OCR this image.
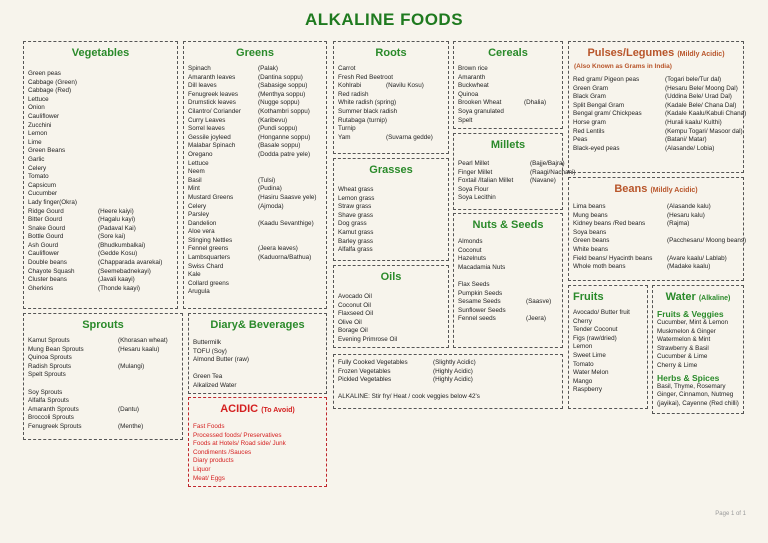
ALKALINE FOODS
Vegetables
Green peas
Cabbage (Green)
Cabbage (Red)
Lettuce
Onion
Cauliflower
Zucchini
Lemon
Lime
Green Beans
Garlic
Celery
Tomato
Capsicum
Cucumber
Lady finger(Okra)
Ridge Gourd	(Heere kaiyi)
Bitter Gourd	(Hagalu kayi)
Snake Gourd	(Padaval Kai)
Bottle Gourd	(Sore kai)
Ash Gourd	(Bhudkumbalkai)
Cauliflower	(Gedde Kosu)
Double beans	(Chapparada avarekai)
Chayote Squash	(Seemebadnekayi)
Cluster beans	(Javali kaayi)
Gherkins	(Thonde kaayi)
Greens
Spinach	(Palak)
Amaranth leaves	(Dantina soppu)
Dill leaves	(Sabasige soppu)
Fenugreek leaves	(Menthya soppu)
Drumstick leaves	(Nugge soppu)
Cilantro/ Coriander	(Kothambri soppu)
Curry Leaves	(Karibevu)
Sorrel leaves	(Pundi soppu)
Gessile joyleed	(Honganne soppu)
Malabar Spinach	(Basale soppu)
Oregano	(Dodda patre yele)
Lettuce
Neem
Basil	(Tulsi)
Mint	(Pudina)
Mustard Greens	(Hasiru Saasve yele)
Celery	(Ajmoda)
Parsley
Dandelion	(Kaadu Sevanthige)
Aloe vera
Stinging Nettles
Fennel greens	(Jeera leaves)
Lambsquarters	(Kaduorna/Bathua)
Swiss Chard
Kale
Collard greens
Arugula
Roots
Carrot
Fresh Red Beetroot
Kohlrabi	(Navilu Kosu)
Red radish
White radish (spring)
Summer black radish
Rutabaga (turnip)
Turnip
Yam	(Suvarna gedde)
Grasses
Wheat grass
Lemon grass
Straw grass
Shave grass
Dog grass
Kamut grass
Barley grass
Alfalfa grass
Oils
Avocado Oil
Coconut Oil
Flaxseed Oil
Olive Oil
Borage Oil
Evening Primrose Oil
Cereals
Brown rice
Amaranth
Buckwheat
Quinoa
Brooken Wheat	(Dhalia)
Soya granulated
Spelt
Millets
Pearl Millet	(Bajje/Bajra)
Finger Millet	(Raagi/Nachani)
Foxtail /Italian Millet	(Navane)
Soya Flour
Soya Lecithin
Nuts & Seeds
Almonds
Coconut
Hazelnuts
Macadamia Nuts

Flax Seeds
Pumpkin Seeds
Sesame Seeds	(Saasve)
Sunflower Seeds
Fennel seeds	(Jeera)
Pulses/Legumes (Mildly Acidic)
(Also Known as Grams in India)
Red gram/ Pigeon peas	(Togari bele/Tur dal)
Green Gram	(Hesaru Bele/ Moong Dal)
Black Gram	(Uddina Bele/ Urad Dal)
Split Bengal Gram	(Kadale Bele/ Chana Dal)
Bengal gram/ Chickpeas	(Kadale Kaalu/Kabuli Chana)
Horse gram	(Hurali kaalu/ Kulthi)
Red Lentils	(Kempu Togari/ Masoor dal)
Peas	(Batani/ Matar)
Black-eyed peas	(Alasande/ Lobia)
Beans (Mildly Acidic)
Lima beans	(Alasande kalu)
Mung beans	(Hesaru kalu)
Kidney beans /Red beans	(Rajma)
Soya beans
Green beans	(Pacchesaru/ Moong beans)
White beans
Field beans/ Hyacinth beans	(Avare kaalu/ Lablab)
Whole moth beans	(Madake kaalu)
Sprouts
Kamut Sprouts	(Khorasan wheat)
Mung Bean Sprouts	(Hesaru kaalu)
Quinoa Sprouts
Radish Sprouts	(Mulangi)
Spelt Sprouts

Soy Sprouts
Alfalfa Sprouts
Amaranth Sprouts	(Dantu)
Broccoli Sprouts
Fenugreek Sprouts	(Menthe)
Diary& Beverages
Buttermilk
TOFU (Soy)
Almond Butter (raw)

Green Tea
Alkalized Water
ACIDIC (To Avoid)
Fast Foods
Processed foods/ Preservatives
Foods at Hotels/ Road side/ Junk
Condiments /Sauces
Diary products
Liquor
Meat/ Eggs
Fully Cooked Vegetables	(Slightly Acidic)
Frozen Vegetables	(Highly Acidic)
Pickled Vegetables	(Highly Acidic)
ALKALINE: Stir fry/ Heat / cook veggies below 42's
Fruits
Avocado/ Butter fruit
Cherry
Tender Coconut
Figs (raw/dried)
Lemon
Sweet Lime
Tomato
Water Melon
Mango
Raspberry
Water (Alkaline)
Fruits & Veggies
Cucumber, Mint & Lemon
Muskmelon & Ginger
Watermelon & Mint
Strawberry & Basil
Cucumber & Lime
Cherry & Lime
Herbs & Spices
Basil, Thyme, Rosemary
Ginger, Cinnamon, Nutmeg
(jayikai), Cayenne (Red chilli)
Page 1 of 1
